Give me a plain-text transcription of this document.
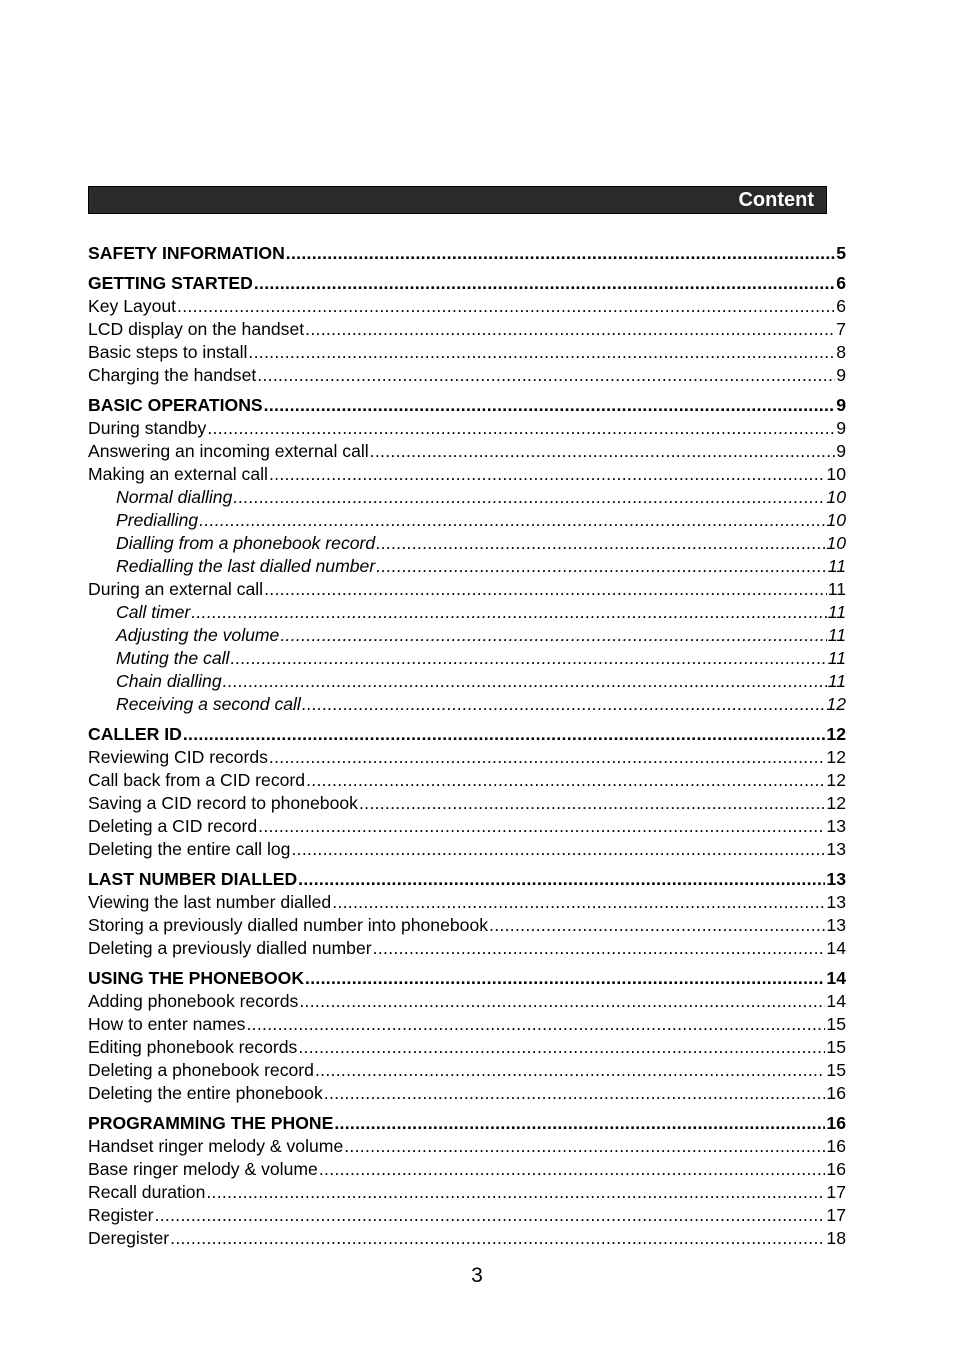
Content
SAFETY INFORMATION .....	5
GETTING STARTED .....	6
Key Layout .....	6
LCD display on the handset .....	7
Basic steps to install .....	8
Charging the handset .....	9
BASIC OPERATIONS .....	9
During standby .....	9
Answering an incoming external call .....	9
Making an external call .....	10
Normal dialling .....	10
Predialling .....	10
Dialling from a phonebook record .....	10
Redialling the last dialled number .....	11
During an external call .....	11
Call timer .....	11
Adjusting the volume .....	11
Muting the call .....	11
Chain dialling .....	11
Receiving a second call .....	12
CALLER ID .....	12
Reviewing CID records .....	12
Call back from a CID record .....	12
Saving a CID record to phonebook .....	12
Deleting a CID record .....	13
Deleting the entire call log .....	13
LAST NUMBER DIALLED .....	13
Viewing the last number dialled .....	13
Storing a previously dialled number into phonebook .....	13
Deleting a previously dialled number .....	14
USING THE PHONEBOOK .....	14
Adding phonebook records .....	14
How to enter names .....	15
Editing phonebook records .....	15
Deleting a phonebook record .....	15
Deleting the entire phonebook .....	16
PROGRAMMING THE PHONE .....	16
Handset ringer melody & volume .....	16
Base ringer melody & volume .....	16
Recall duration .....	17
Register .....	17
Deregister .....	18
3
